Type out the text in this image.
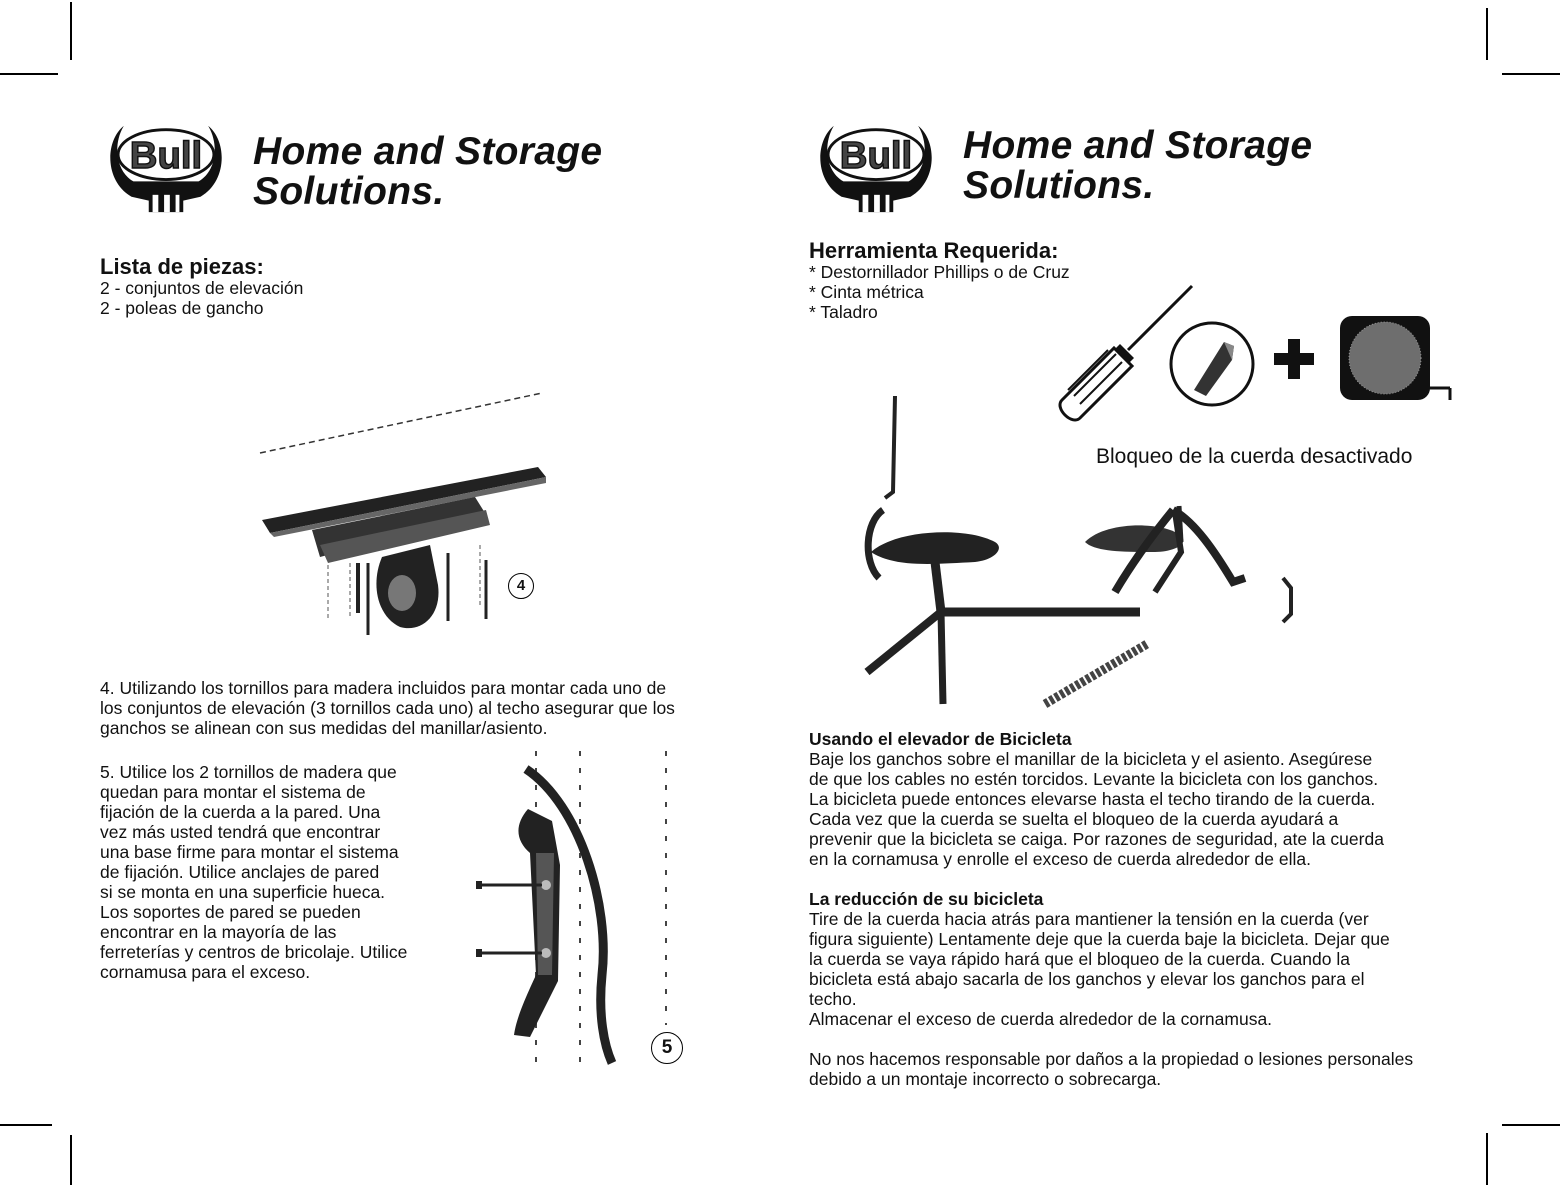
Bull Home and Storage
Solutions.
Lista de piezas:
2 - conjuntos de elevación
2 - poleas de gancho
4
4. Utilizando los tornillos para madera incluidos para montar cada uno de
los conjuntos de elevación (3 tornillos cada uno) al techo asegurar que los
ganchos se alinean con sus medidas del manillar/asiento.
5. Utilice los 2 tornillos de madera que
quedan para montar el sistema de
fijación de la cuerda a la pared. Una
vez más usted tendrá que encontrar
una base firme para montar el sistema
de fijación. Utilice anclajes de pared
si se monta en una superficie hueca.
Los soportes de pared se pueden
encontrar en la mayoría de las
ferreterías y centros de bricolaje. Utilice
cornamusa para el exceso.
5
Bull Home and Storage
Solutions.
Herramienta Requerida:
* Destornillador Phillips o de Cruz
* Cinta métrica
* Taladro
Bloqueo de la cuerda desactivado
Usando el elevador de Bicicleta
Baje los ganchos sobre el manillar de la bicicleta y el asiento. Asegúrese
de que los cables no estén torcidos. Levante la bicicleta con los ganchos.
La bicicleta puede entonces elevarse hasta el techo tirando de la cuerda.
Cada vez que la cuerda se suelta el bloqueo de la cuerda ayudará a
prevenir que la bicicleta se caiga. Por razones de seguridad, ate la cuerda
en la cornamusa y enrolle el exceso de cuerda alrededor de ella.
La reducción de su bicicleta
Tire de la cuerda hacia atrás para mantiener la tensión en la cuerda (ver
figura siguiente) Lentamente deje que la cuerda baje la bicicleta. Dejar que
la cuerda se vaya rápido hará que el bloqueo de la cuerda. Cuando la
bicicleta está abajo sacarla de los ganchos y elevar los ganchos para el
techo.
Almacenar el exceso de cuerda alrededor de la cornamusa.
No nos hacemos responsable por daños a la propiedad o lesiones personales
debido a un montaje incorrecto o sobrecarga.
